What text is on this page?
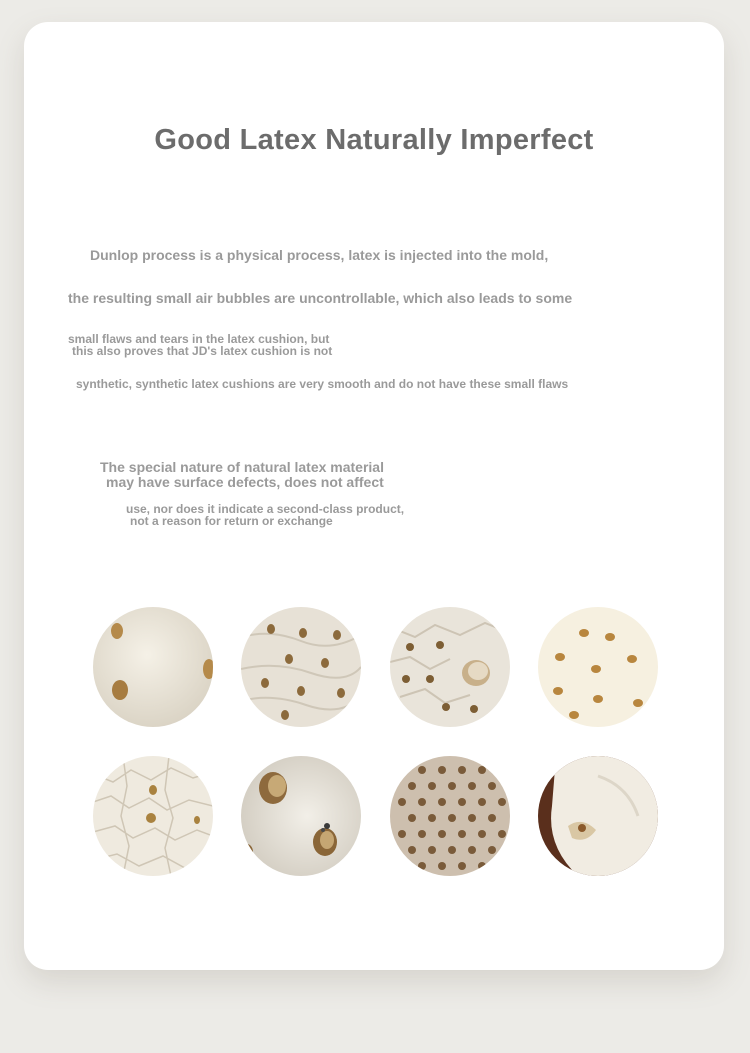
Good Latex Naturally Imperfect
Dunlop process is a physical process, latex is injected into the mold,
the resulting small air bubbles are uncontrollable, which also leads to some
small flaws and tears in the latex cushion, but
this also proves that JD's latex cushion is not
synthetic, synthetic latex cushions are very smooth and do not have these small flaws
The special nature of natural latex material
may have surface defects, does not affect
use, nor does it indicate a second-class product,
not a reason for return or exchange
